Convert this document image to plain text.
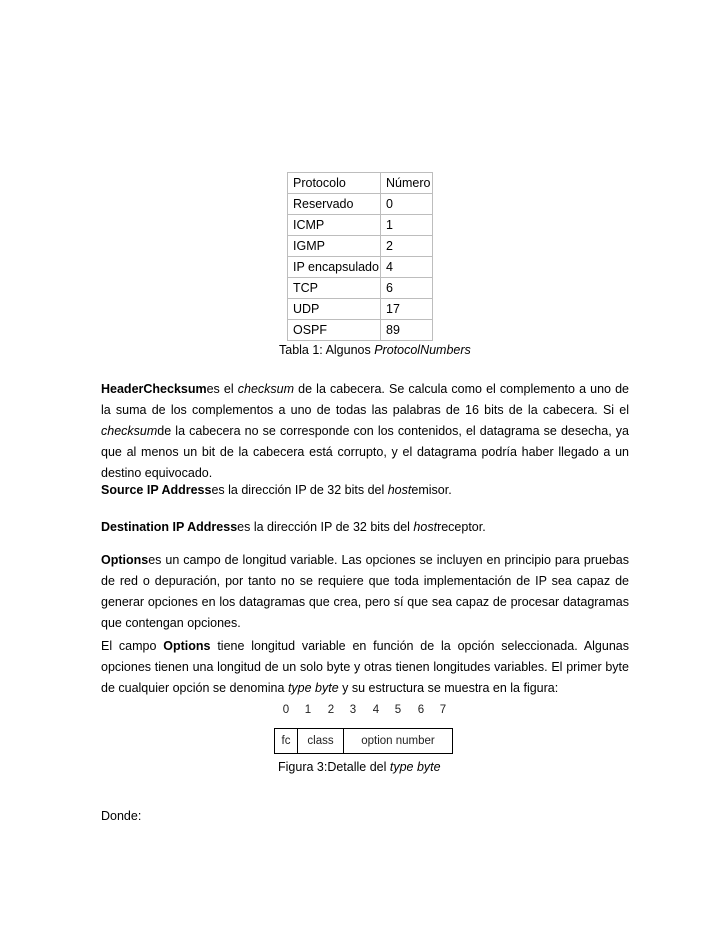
Protocolo	Número
Reservado	0
ICMP	1
IGMP	2
IP encapsulado	4
TCP	6
UDP	17
OSPF	89
Tabla 1: Algunos ProtocolNumbers

HeaderChecksumes el checksum de la cabecera. Se calcula como el complemento a uno de la suma de los complementos a uno de todas las palabras de 16 bits de la cabecera. Si el checksumde la cabecera no se corresponde con los contenidos, el datagrama se desecha, ya que al menos un bit de la cabecera está corrupto, y el datagrama podría haber llegado a un destino equivocado.

Source IP Addresses la dirección IP de 32 bits del hostemisor.

Destination IP Addresses la dirección IP de 32 bits del hostreceptor.

Optionses un campo de longitud variable. Las opciones se incluyen en principio para pruebas de red o depuración, por tanto no se requiere que toda implementación de IP sea capaz de generar opciones en los datagramas que crea, pero sí que sea capaz de procesar datagramas que contengan opciones.

El campo Options tiene longitud variable en función de la opción seleccionada. Algunas opciones tienen una longitud de un solo byte y otras tienen longitudes variables. El primer byte de cualquier opción se denomina type byte y su estructura se muestra en la figura:

0 1 2 3 4 5 6 7
fc	class	option number
Figura 3:Detalle del type byte

Donde:
